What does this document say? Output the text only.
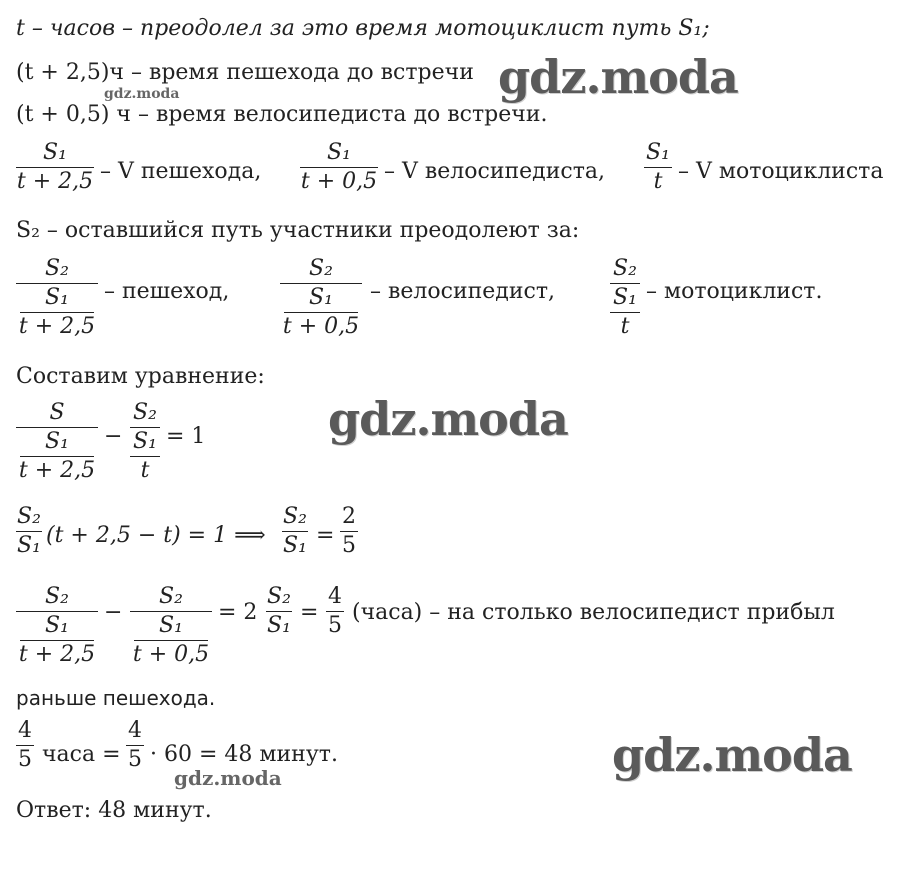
t – часов – преодолел за это время мотоциклист путь S₁;
(t + 2,5)ч – время пешехода до встречи gdz.moda
gdz.moda
(t + 0,5) ч – время велосипедиста до встречи.
S₁
t + 2,5 – V пешехода,
S₁
t + 0,5 – V велосипедиста,
S₁
t – V мотоциклиста
S₂ – оставшийся путь участники преодолеют за:
S₂
S₁
t + 2,5
– пешеход,
S₂
S₁
t + 0,5
– велосипедист,
S₂
S₁
t
– мотоциклист.
Составим уравнение:
gdz.moda
S
S₁
t + 2,5
−
S₂
S₁
t
= 1
S₂
S₁ (t + 2,5 − t) = 1 ⟹
S₂
S₁ =
2
5
S₂
S₁
t + 2,5
−
S₂
S₁
t + 0,5
= 2
S₂
S₁
=
4
5
(часа) – на столько велосипедист прибыл
раньше пешехода.
4
5 часа =
4
5 · 60 = 48 минут.
gdz.moda	gdz.moda
Ответ: 48 минут.
